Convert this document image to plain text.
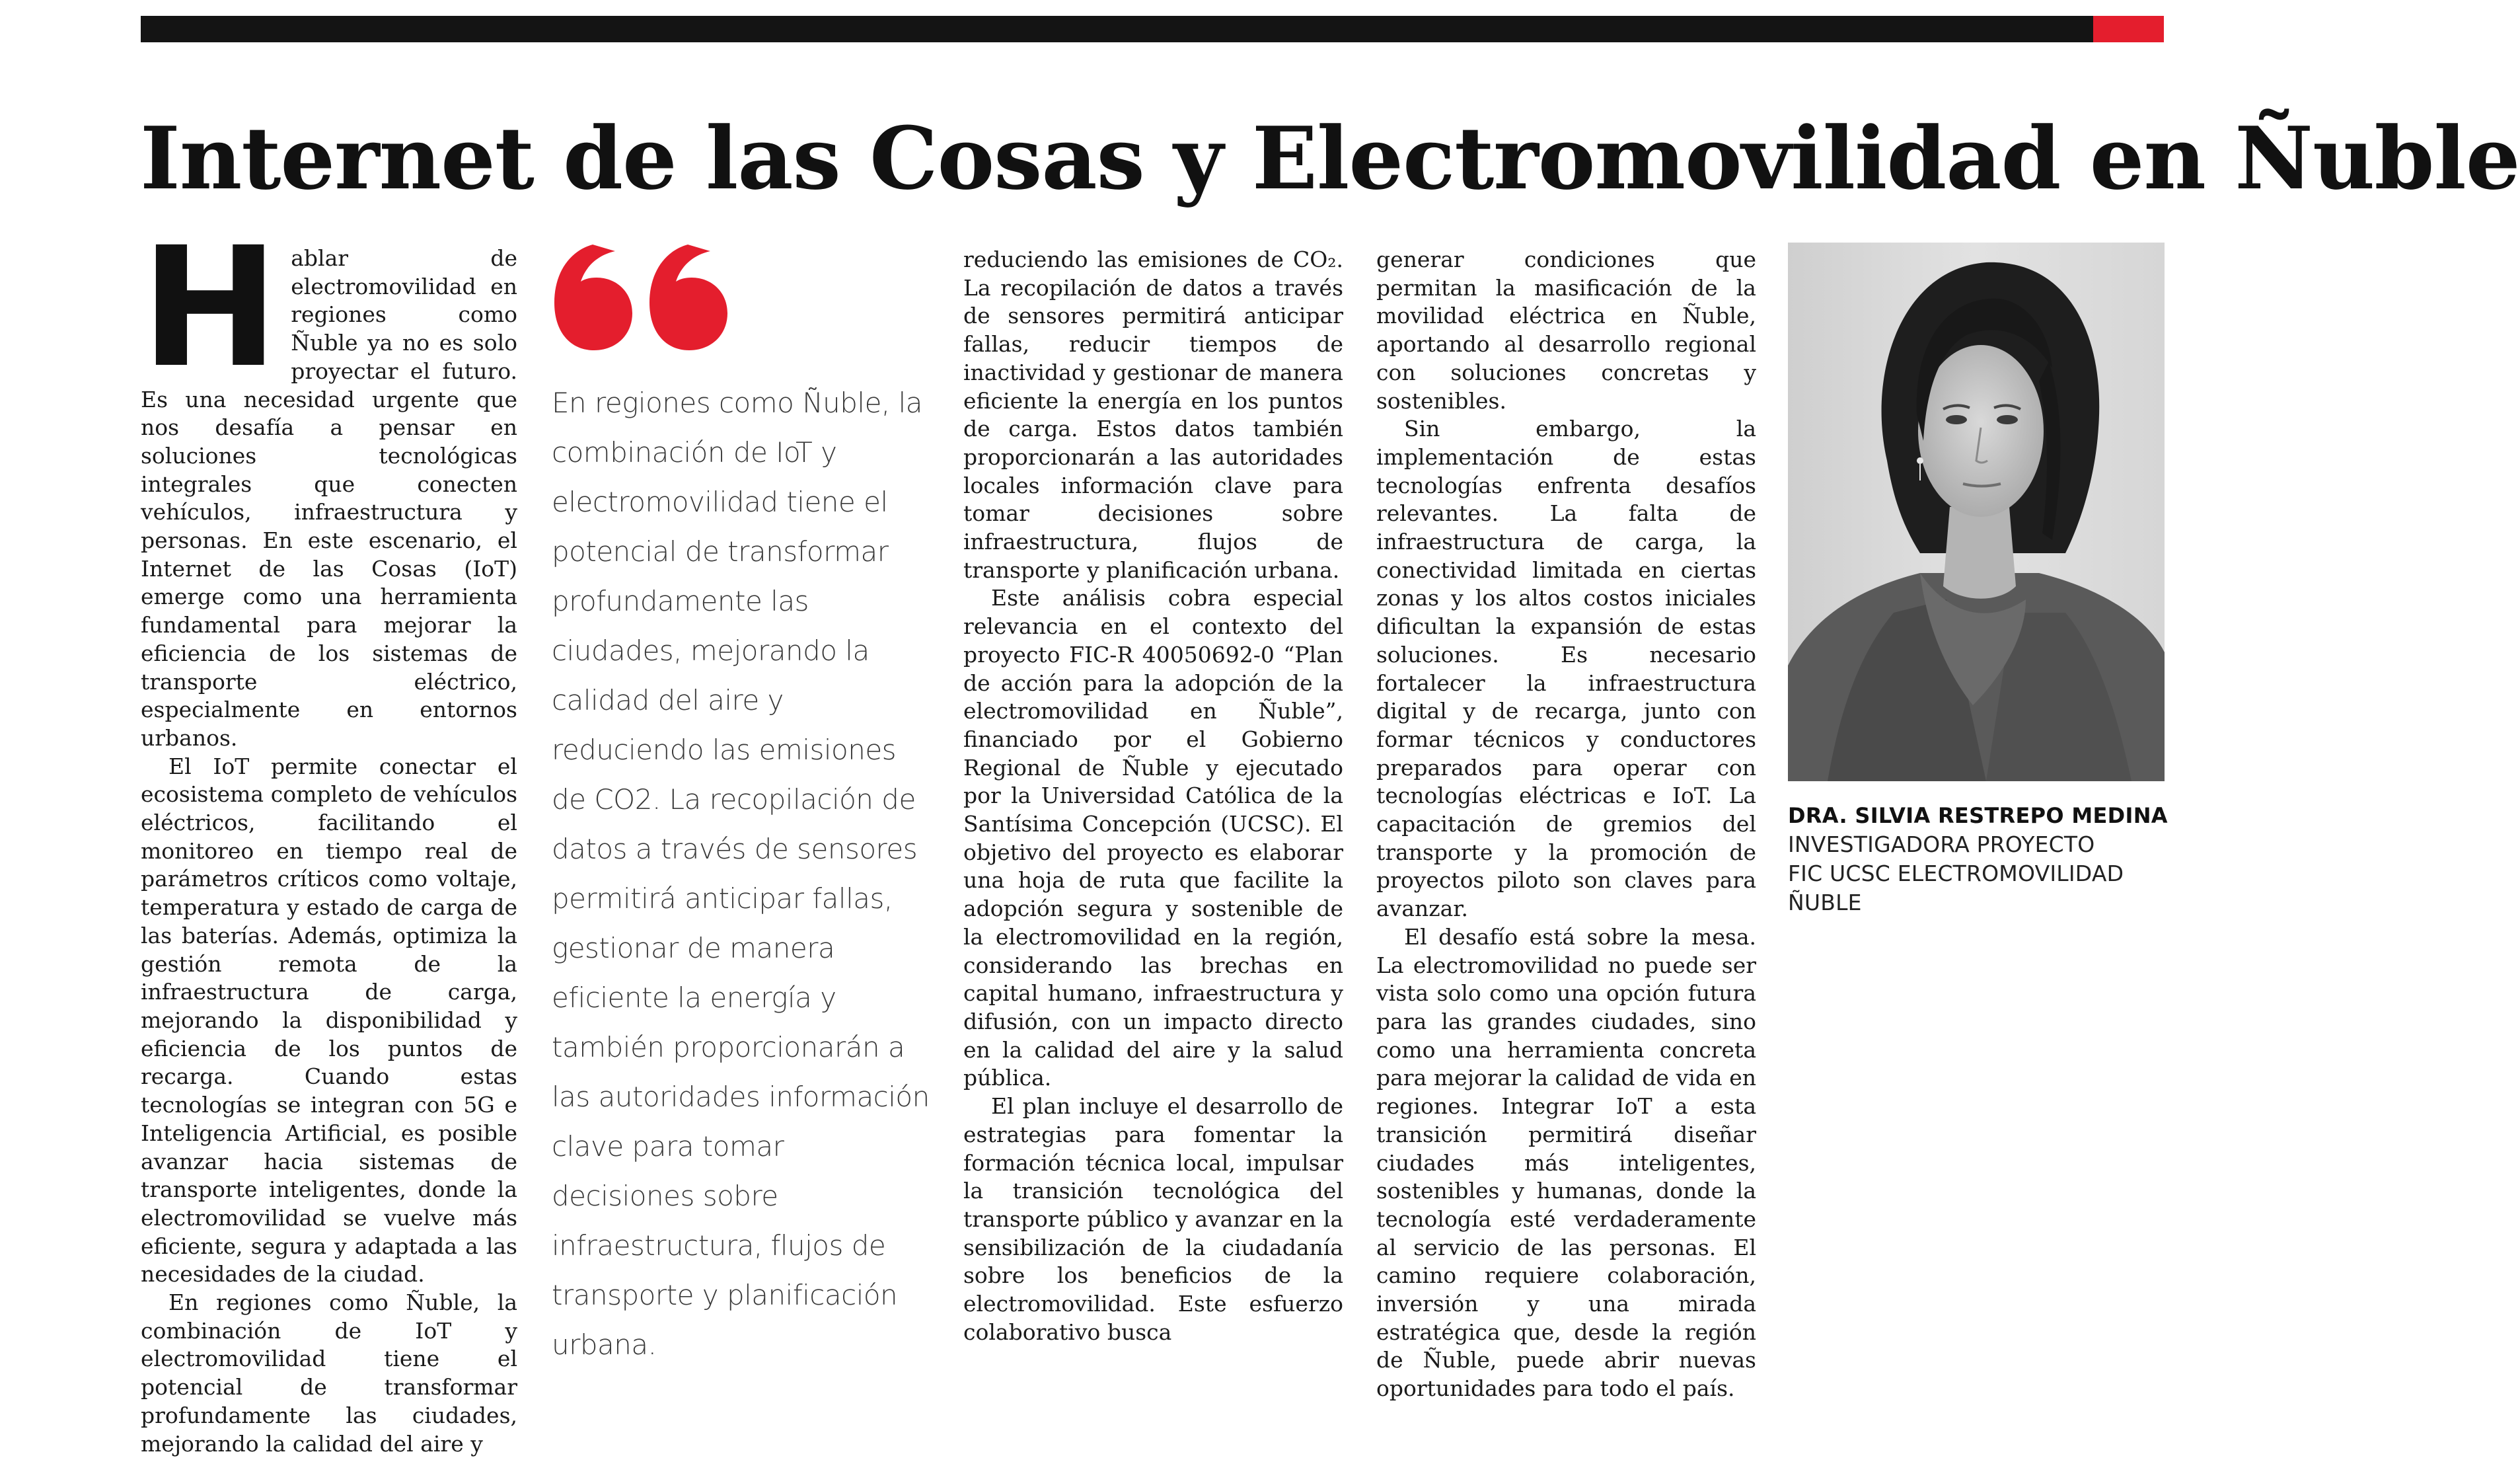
Internet de las Cosas y Electromovilidad en Ñuble
H ablar de electromovilidad en regiones como Ñuble ya no es solo proyectar el futuro. Es una necesidad urgente que nos desafía a pensar en soluciones tecnológicas integrales que conecten vehículos, infraestructura y personas. En este escenario, el Internet de las Cosas (IoT) emerge como una herramienta fundamental para mejorar la eficiencia de los sistemas de transporte eléctrico, especialmente en entornos urbanos.

El IoT permite conectar el ecosistema completo de vehículos eléctricos, facilitando el monitoreo en tiempo real de parámetros críticos como voltaje, temperatura y estado de carga de las baterías. Además, optimiza la gestión remota de la infraestructura de carga, mejorando la disponibilidad y eficiencia de los puntos de recarga. Cuando estas tecnologías se integran con 5G e Inteligencia Artificial, es posible avanzar hacia sistemas de transporte inteligentes, donde la electromovilidad se vuelve más eficiente, segura y adaptada a las necesidades de la ciudad.

En regiones como Ñuble, la combinación de IoT y electromovilidad tiene el potencial de transformar profundamente las ciudades, mejorando la calidad del aire y

En regiones como Ñuble, la combinación de IoT y electromovilidad tiene el potencial de transformar profundamente las ciudades, mejorando la calidad del aire y reduciendo las emisiones de CO2. La recopilación de datos a través de sensores permitirá anticipar fallas, gestionar de manera eficiente la energía y también proporcionarán a las autoridades información clave para tomar decisiones sobre infraestructura, flujos de transporte y planificación urbana.

reduciendo las emisiones de CO₂. La recopilación de datos a través de sensores permitirá anticipar fallas, reducir tiempos de inactividad y gestionar de manera eficiente la energía en los puntos de carga. Estos datos también proporcionarán a las autoridades locales información clave para tomar decisiones sobre infraestructura, flujos de transporte y planificación urbana.

Este análisis cobra especial relevancia en el contexto del proyecto FIC-R 40050692-0 “Plan de acción para la adopción de la electromovilidad en Ñuble”, financiado por el Gobierno Regional de Ñuble y ejecutado por la Universidad Católica de la Santísima Concepción (UCSC). El objetivo del proyecto es elaborar una hoja de ruta que facilite la adopción segura y sostenible de la electromovilidad en la región, considerando las brechas en capital humano, infraestructura y difusión, con un impacto directo en la calidad del aire y la salud pública.

El plan incluye el desarrollo de estrategias para fomentar la formación técnica local, impulsar la transición tecnológica del transporte público y avanzar en la sensibilización de la ciudadanía sobre los beneficios de la electromovilidad. Este esfuerzo colaborativo busca

generar condiciones que permitan la masificación de la movilidad eléctrica en Ñuble, aportando al desarrollo regional con soluciones concretas y sostenibles.

Sin embargo, la implementación de estas tecnologías enfrenta desafíos relevantes. La falta de infraestructura de carga, la conectividad limitada en ciertas zonas y los altos costos iniciales dificultan la expansión de estas soluciones. Es necesario fortalecer la infraestructura digital y de recarga, junto con formar técnicos y conductores preparados para operar con tecnologías eléctricas e IoT. La capacitación de gremios del transporte y la promoción de proyectos piloto son claves para avanzar.

El desafío está sobre la mesa. La electromovilidad no puede ser vista solo como una opción futura para las grandes ciudades, sino como una herramienta concreta para mejorar la calidad de vida en regiones. Integrar IoT a esta transición permitirá diseñar ciudades más inteligentes, sostenibles y humanas, donde la tecnología esté verdaderamente al servicio de las personas. El camino requiere colaboración, inversión y una mirada estratégica que, desde la región de Ñuble, puede abrir nuevas oportunidades para todo el país.

DRA. SILVIA RESTREPO MEDINA
INVESTIGADORA PROYECTO
FIC UCSC ELECTROMOVILIDAD
ÑUBLE
